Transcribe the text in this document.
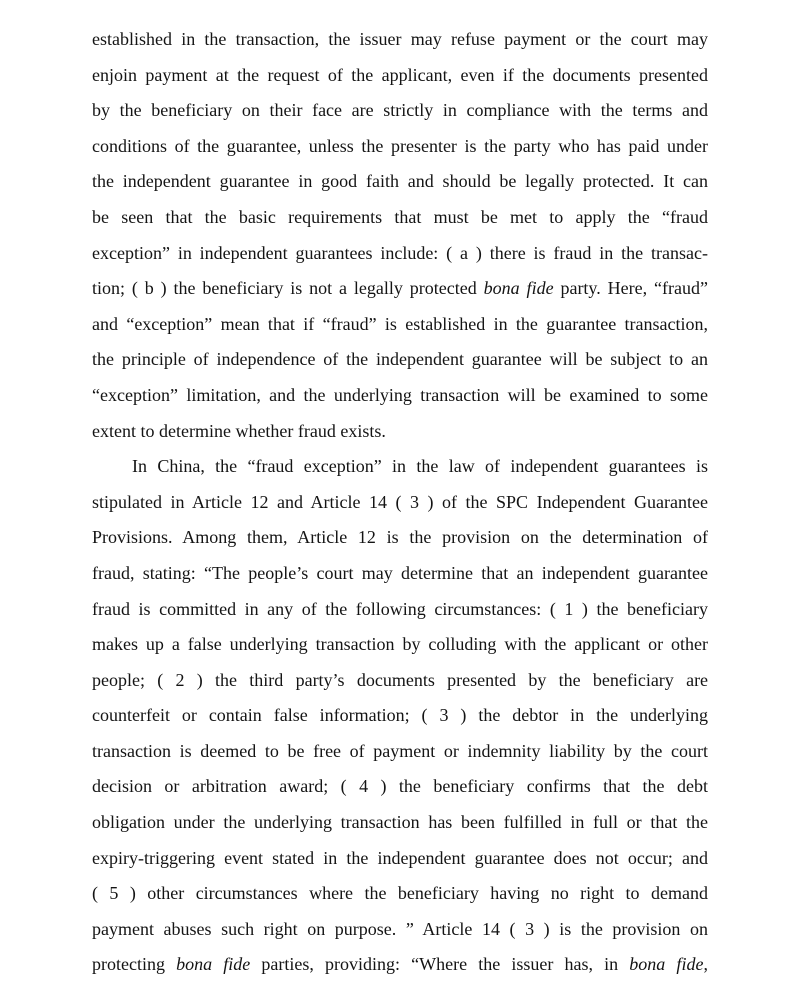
established in the transaction, the issuer may refuse payment or the court may
enjoin payment at the request of the applicant, even if the documents presented
by the beneficiary on their face are strictly in compliance with the terms and
conditions of the guarantee, unless the presenter is the party who has paid under
the independent guarantee in good faith and should be legally protected. It can
be seen that the basic requirements that must be met to apply the “fraud
exception” in independent guarantees include: ( a ) there is fraud in the transac-
tion; ( b ) the beneficiary is not a legally protected bona fide party. Here, “fraud”
and “exception” mean that if “fraud” is established in the guarantee transaction,
the principle of independence of the independent guarantee will be subject to an
“exception” limitation, and the underlying transaction will be examined to some
extent to determine whether fraud exists.
In China, the “fraud exception” in the law of independent guarantees is
stipulated in Article 12 and Article 14 ( 3 ) of the SPC Independent Guarantee
Provisions. Among them, Article 12 is the provision on the determination of
fraud, stating: “The people’s court may determine that an independent guarantee
fraud is committed in any of the following circumstances: ( 1 ) the beneficiary
makes up a false underlying transaction by colluding with the applicant or other
people; ( 2 ) the third party’s documents presented by the beneficiary are
counterfeit or contain false information; ( 3 ) the debtor in the underlying
transaction is deemed to be free of payment or indemnity liability by the court
decision or arbitration award; ( 4 ) the beneficiary confirms that the debt
obligation under the underlying transaction has been fulfilled in full or that the
expiry-triggering event stated in the independent guarantee does not occur; and
( 5 ) other circumstances where the beneficiary having no right to demand
payment abuses such right on purpose. ” Article 14 ( 3 ) is the provision on
protecting bona fide parties, providing: “Where the issuer has, in bona fide,
